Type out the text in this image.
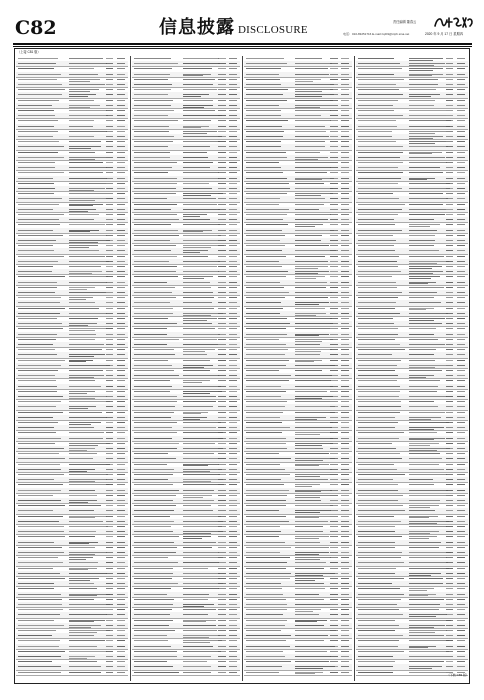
C82	信息披露 DISCLOSURE
责任编辑 董春云
电话：010-83251716 E-mail:zqrb9@zqrb.sina.net	2020 年 9 月 17 日 星期四
（上接 C81 版）
（下转 C83 版）
